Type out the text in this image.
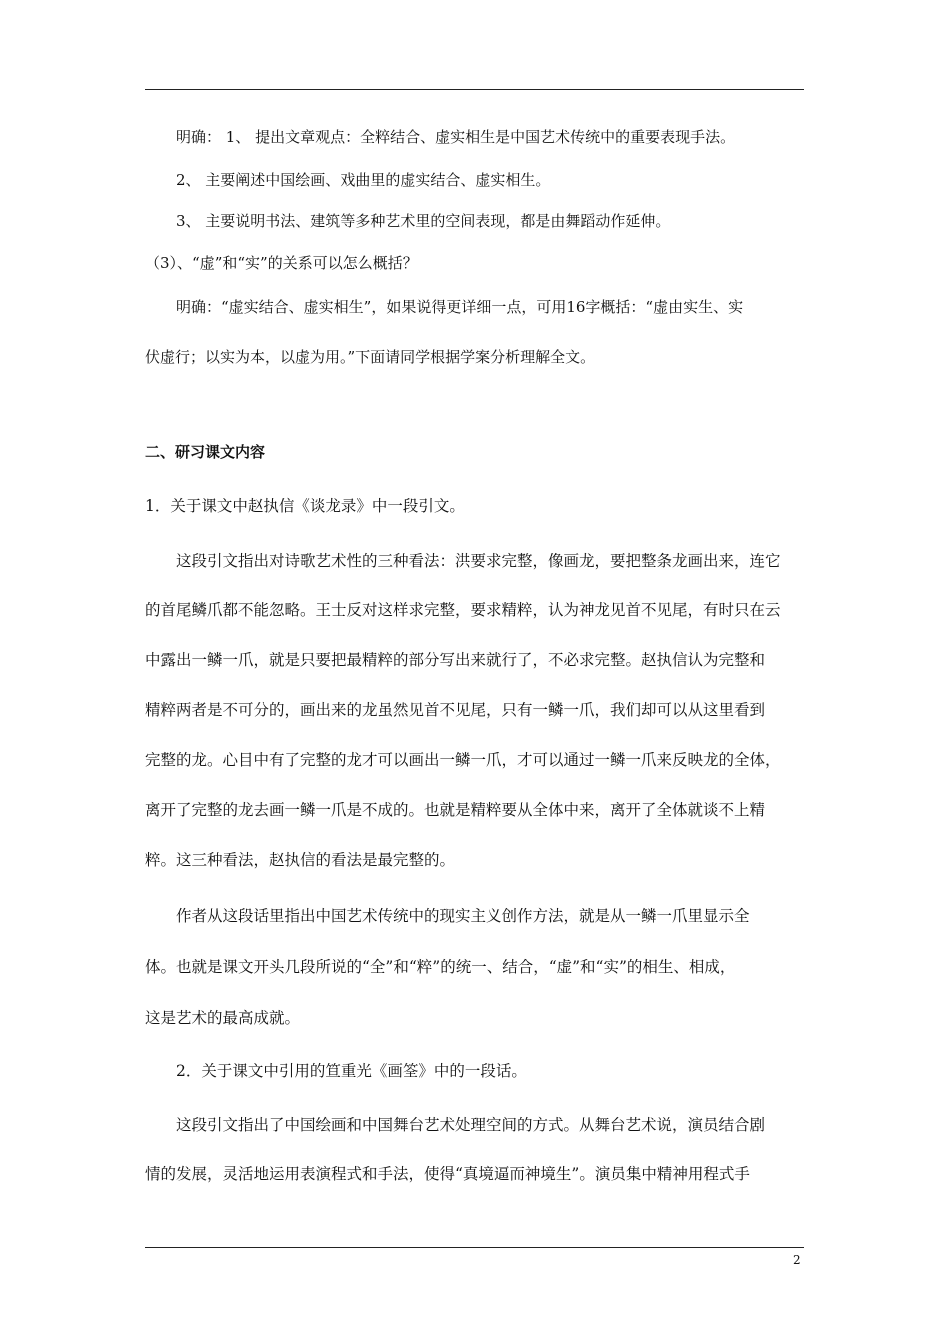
明确： 1、 提出文章观点：全粹结合、虚实相生是中国艺术传统中的重要表现手法。
2、 主要阐述中国绘画、戏曲里的虚实结合、虚实相生。
3、 主要说明书法、建筑等多种艺术里的空间表现，都是由舞蹈动作延伸。
（3）、“虚”和“实”的关系可以怎么概括？
明确：“虚实结合、虚实相生”，如果说得更详细一点，可用16字概括：“虚由实生、实
伏虚行；以实为本，以虚为用。”下面请同学根据学案分析理解全文。
二、研习课文内容
1．关于课文中赵执信《谈龙录》中一段引文。
这段引文指出对诗歌艺术性的三种看法：洪要求完整，像画龙，要把整条龙画出来，连它
的首尾鳞爪都不能忽略。王士反对这样求完整，要求精粹，认为神龙见首不见尾，有时只在云
中露出一鳞一爪，就是只要把最精粹的部分写出来就行了，不必求完整。赵执信认为完整和
精粹两者是不可分的，画出来的龙虽然见首不见尾，只有一鳞一爪，我们却可以从这里看到
完整的龙。心目中有了完整的龙才可以画出一鳞一爪，才可以通过一鳞一爪来反映龙的全体，
离开了完整的龙去画一鳞一爪是不成的。也就是精粹要从全体中来，离开了全体就谈不上精
粹。这三种看法，赵执信的看法是最完整的。
作者从这段话里指出中国艺术传统中的现实主义创作方法，就是从一鳞一爪里显示全
体。也就是课文开头几段所说的“全”和“粹”的统一、结合，“虚”和“实”的相生、相成，
这是艺术的最高成就。
2．关于课文中引用的笪重光《画筌》中的一段话。
这段引文指出了中国绘画和中国舞台艺术处理空间的方式。从舞台艺术说，演员结合剧
情的发展，灵活地运用表演程式和手法，使得“真境逼而神境生”。演员集中精神用程式手
2
